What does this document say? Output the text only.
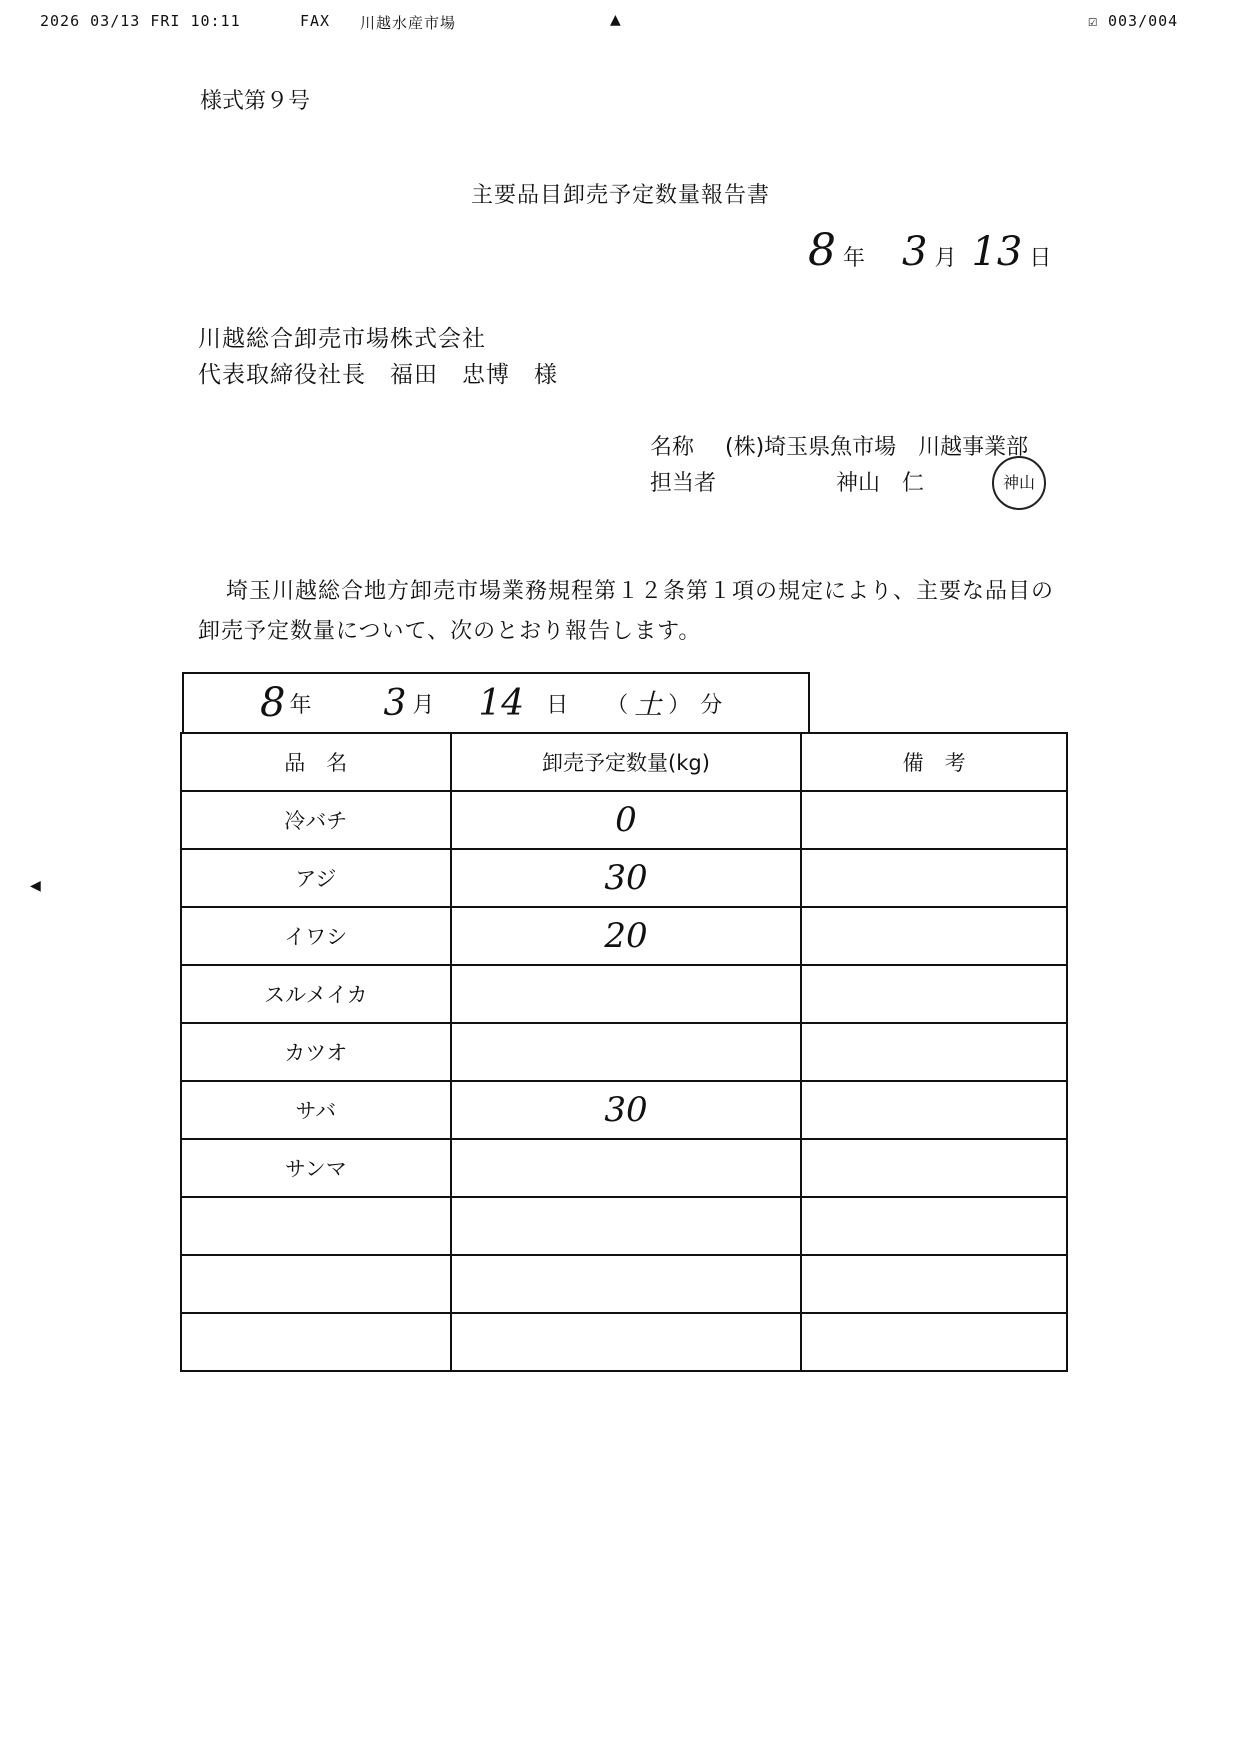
2026 03/13 FRI 10:11	FAX 川越水産市場	▲	☑ 003/004
様式第９号
主要品目卸売予定数量報告書
8 年 3 月 13 日
川越総合卸売市場株式会社
代表取締役社長　福田　忠博　様
名称 (株)埼玉県魚市場　川越事業部
担当者	神山　仁	神山
埼玉川越総合地方卸売市場業務規程第１２条第１項の規定により、主要な品目の卸売予定数量について、次のとおり報告します。
8 年 3 月 14 日 （ 土 ） 分
品　名	卸売予定数量(kg)	備　考
冷バチ	0	
アジ	30	
イワシ	20	
スルメイカ		
カツオ		
サバ	30	
サンマ		

◀
